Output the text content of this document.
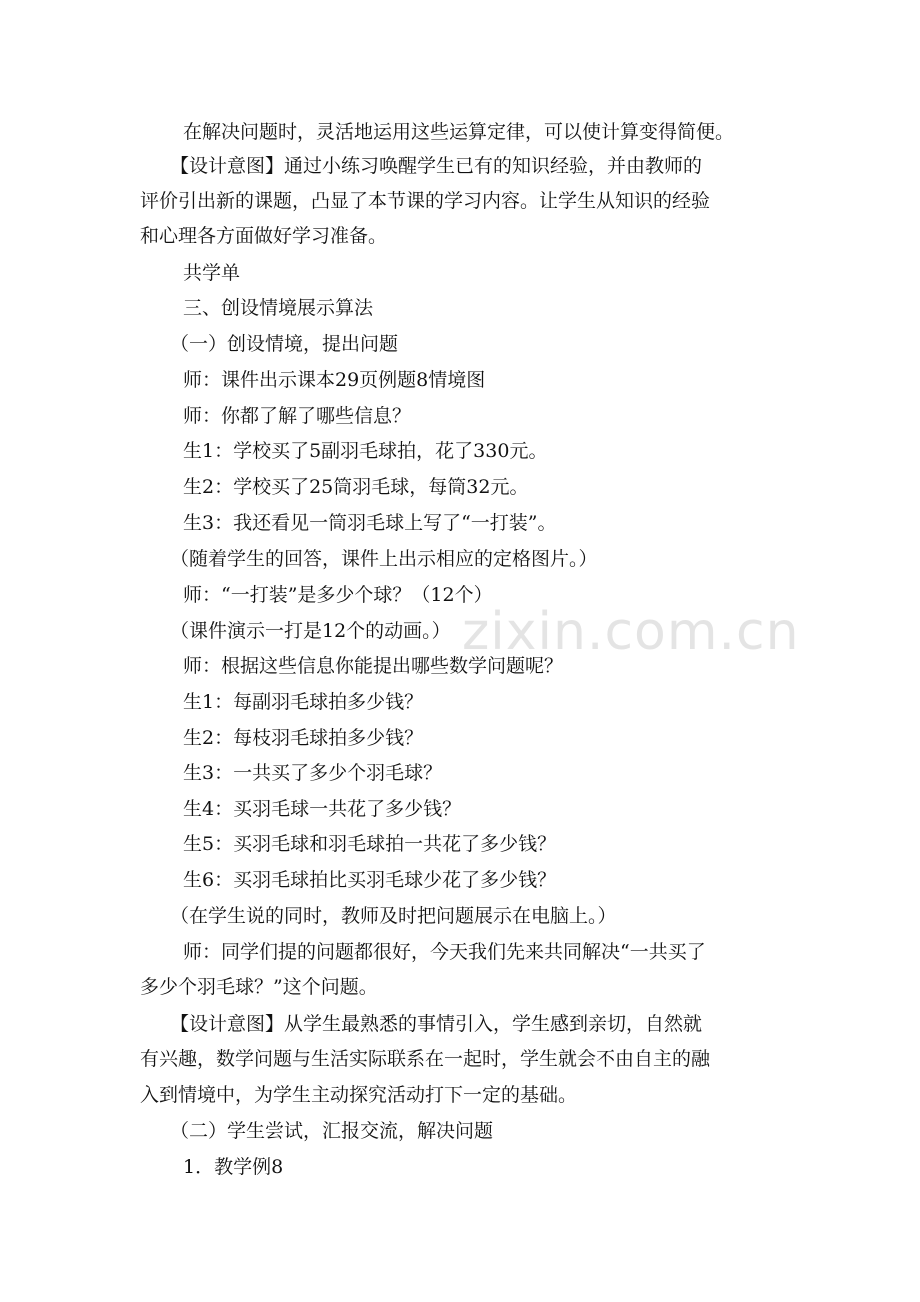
在解决问题时，灵活地运用这些运算定律，可以使计算变得简便。
【设计意图】通过小练习唤醒学生已有的知识经验，并由教师的
评价引出新的课题，凸显了本节课的学习内容。让学生从知识的经验
和心理各方面做好学习准备。
共学单
三、创设情境展示算法
（一）创设情境，提出问题
师：课件出示课本29页例题8情境图
师：你都了解了哪些信息？
生1：学校买了5副羽毛球拍，花了330元。
生2：学校买了25筒羽毛球，每筒32元。
生3：我还看见一筒羽毛球上写了“一打装”。
（随着学生的回答，课件上出示相应的定格图片。）
师：“一打装”是多少个球？（12个）
（课件演示一打是12个的动画。）
师：根据这些信息你能提出哪些数学问题呢？
生1：每副羽毛球拍多少钱？
生2：每枝羽毛球拍多少钱？
生3：一共买了多少个羽毛球？
生4：买羽毛球一共花了多少钱？
生5：买羽毛球和羽毛球拍一共花了多少钱？
生6：买羽毛球拍比买羽毛球少花了多少钱？
（在学生说的同时，教师及时把问题展示在电脑上。）
师：同学们提的问题都很好，今天我们先来共同解决“一共买了
多少个羽毛球？”这个问题。
【设计意图】从学生最熟悉的事情引入，学生感到亲切，自然就
有兴趣，数学问题与生活实际联系在一起时，学生就会不由自主的融
入到情境中，为学生主动探究活动打下一定的基础。
（二）学生尝试，汇报交流，解决问题
1．教学例8
zixin.com.cn
